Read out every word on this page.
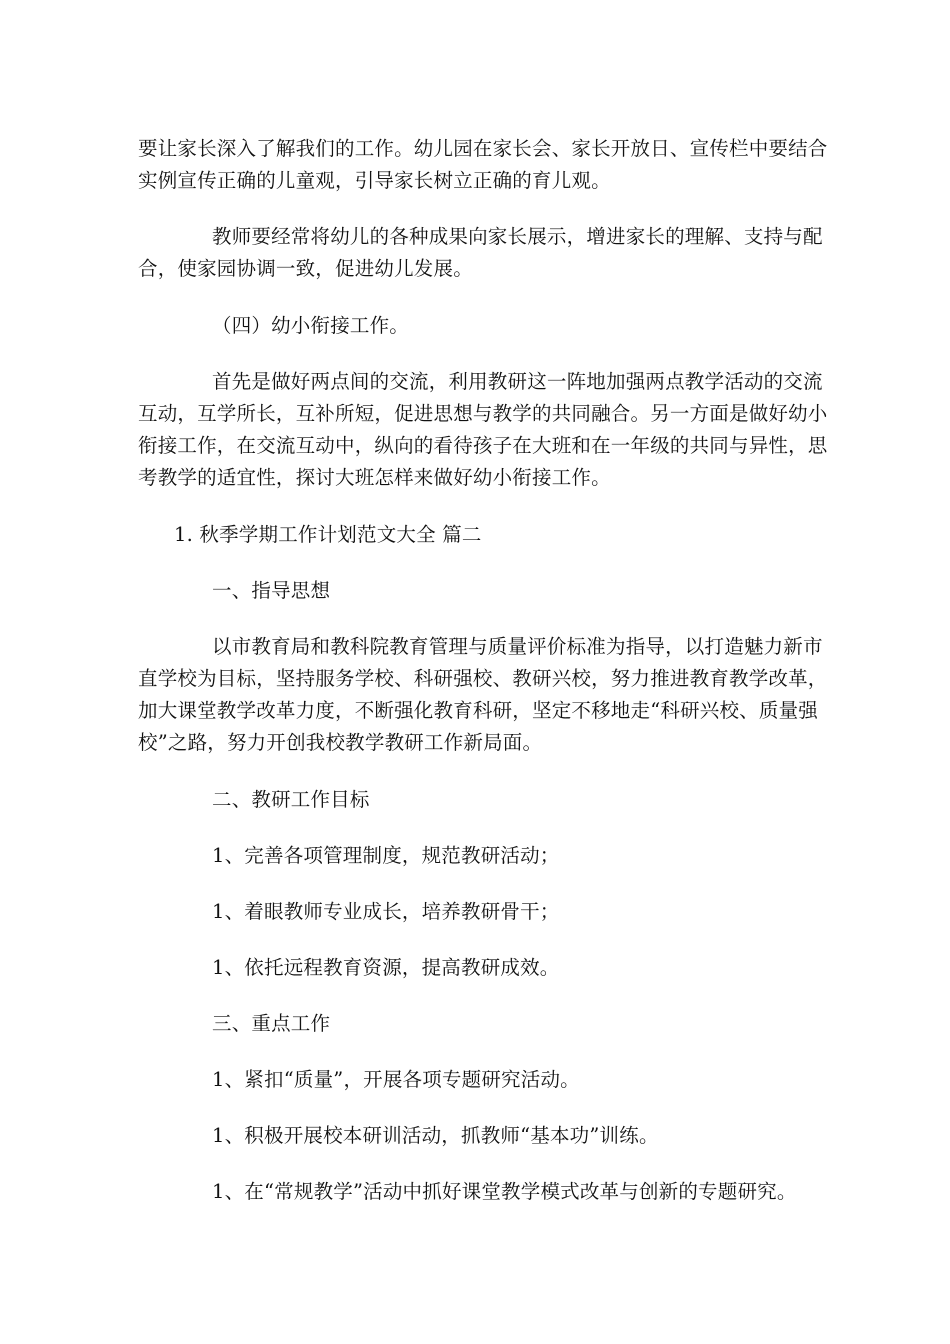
要让家长深入了解我们的工作。幼儿园在家长会、家长开放日、宣传栏中要结合
实例宣传正确的儿童观，引导家长树立正确的育儿观。
教师要经常将幼儿的各种成果向家长展示，增进家长的理解、支持与配
合，使家园协调一致，促进幼儿发展。
（四）幼小衔接工作。
首先是做好两点间的交流，利用教研这一阵地加强两点教学活动的交流
互动，互学所长，互补所短，促进思想与教学的共同融合。另一方面是做好幼小
衔接工作，在交流互动中，纵向的看待孩子在大班和在一年级的共同与异性，思
考教学的适宜性，探讨大班怎样来做好幼小衔接工作。
1. 秋季学期工作计划范文大全 篇二
一、指导思想
以市教育局和教科院教育管理与质量评价标准为指导，以打造魅力新市
直学校为目标，坚持服务学校、科研强校、教研兴校，努力推进教育教学改革，
加大课堂教学改革力度，不断强化教育科研，坚定不移地走“科研兴校、质量强
校”之路，努力开创我校教学教研工作新局面。
二、教研工作目标
1、完善各项管理制度，规范教研活动；
1、着眼教师专业成长，培养教研骨干；
1、依托远程教育资源，提高教研成效。
三、重点工作
1、紧扣“质量”，开展各项专题研究活动。
1、积极开展校本研训活动，抓教师“基本功”训练。
1、在“常规教学”活动中抓好课堂教学模式改革与创新的专题研究。
